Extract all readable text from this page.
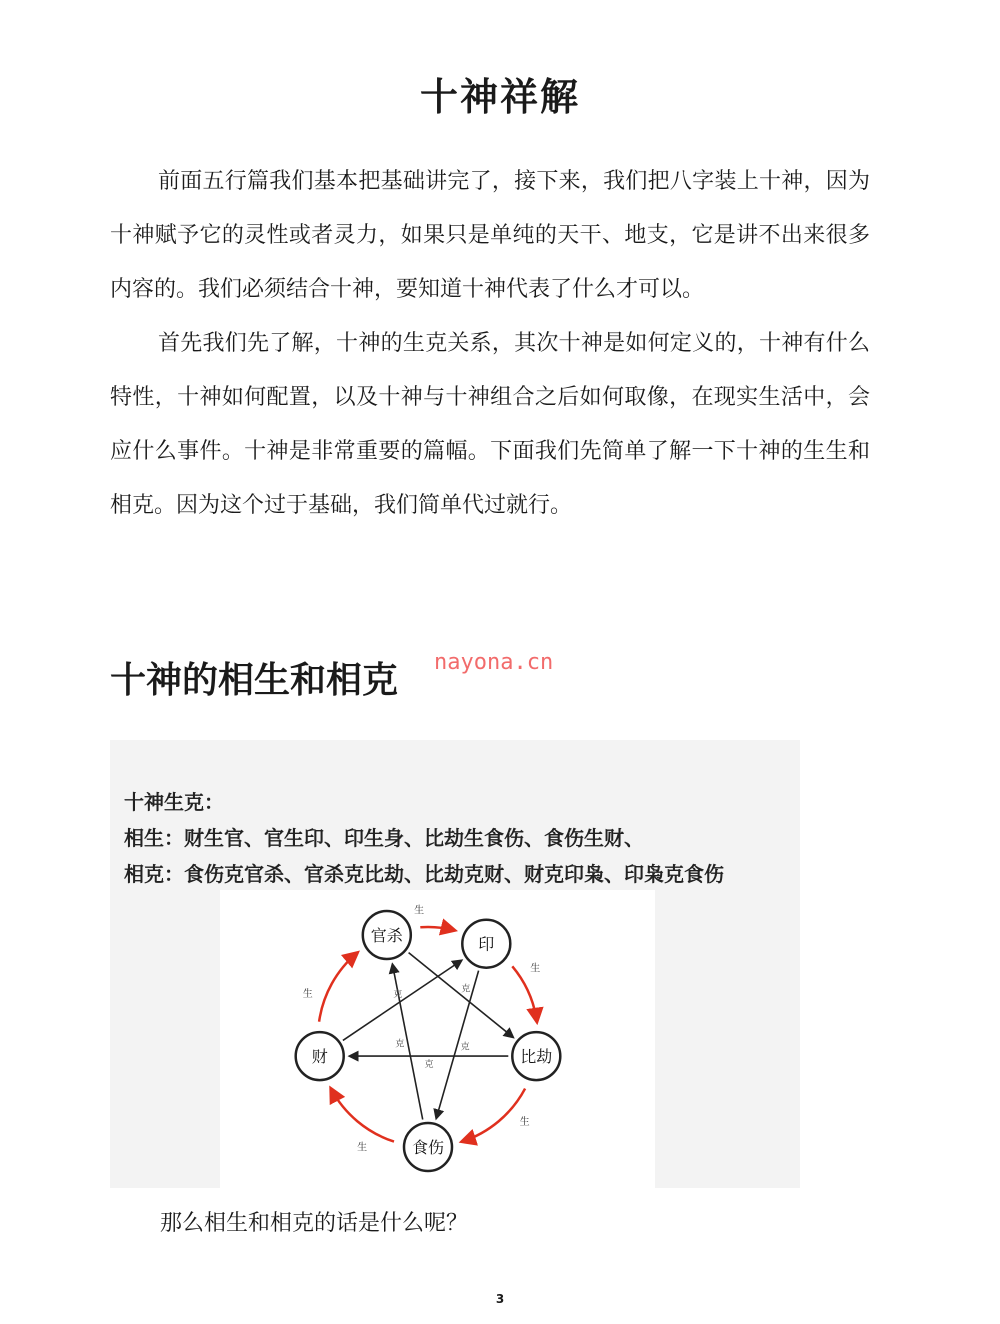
十神祥解

前面五行篇我们基本把基础讲完了，接下来，我们把八字装上十神，因为十神赋予它的灵性或者灵力，如果只是单纯的天干、地支，它是讲不出来很多内容的。我们必须结合十神，要知道十神代表了什么才可以。

首先我们先了解，十神的生克关系，其次十神是如何定义的，十神有什么特性，十神如何配置，以及十神与十神组合之后如何取像，在现实生活中，会应什么事件。十神是非常重要的篇幅。下面我们先简单了解一下十神的生生和相克。因为这个过于基础，我们简单代过就行。

十神的相生和相克 nayona.cn
十神生克：
相生：财生官、官生印、印生身、比劫生食伤、食伤生财、
相克：食伤克官杀、官杀克比劫、比劫克财、财克印枭、印枭克食伤
生
生
生
生
生
克
克
克
克
克
官杀	印
比劫
食伤
财

那么相生和相克的话是什么呢？

3
